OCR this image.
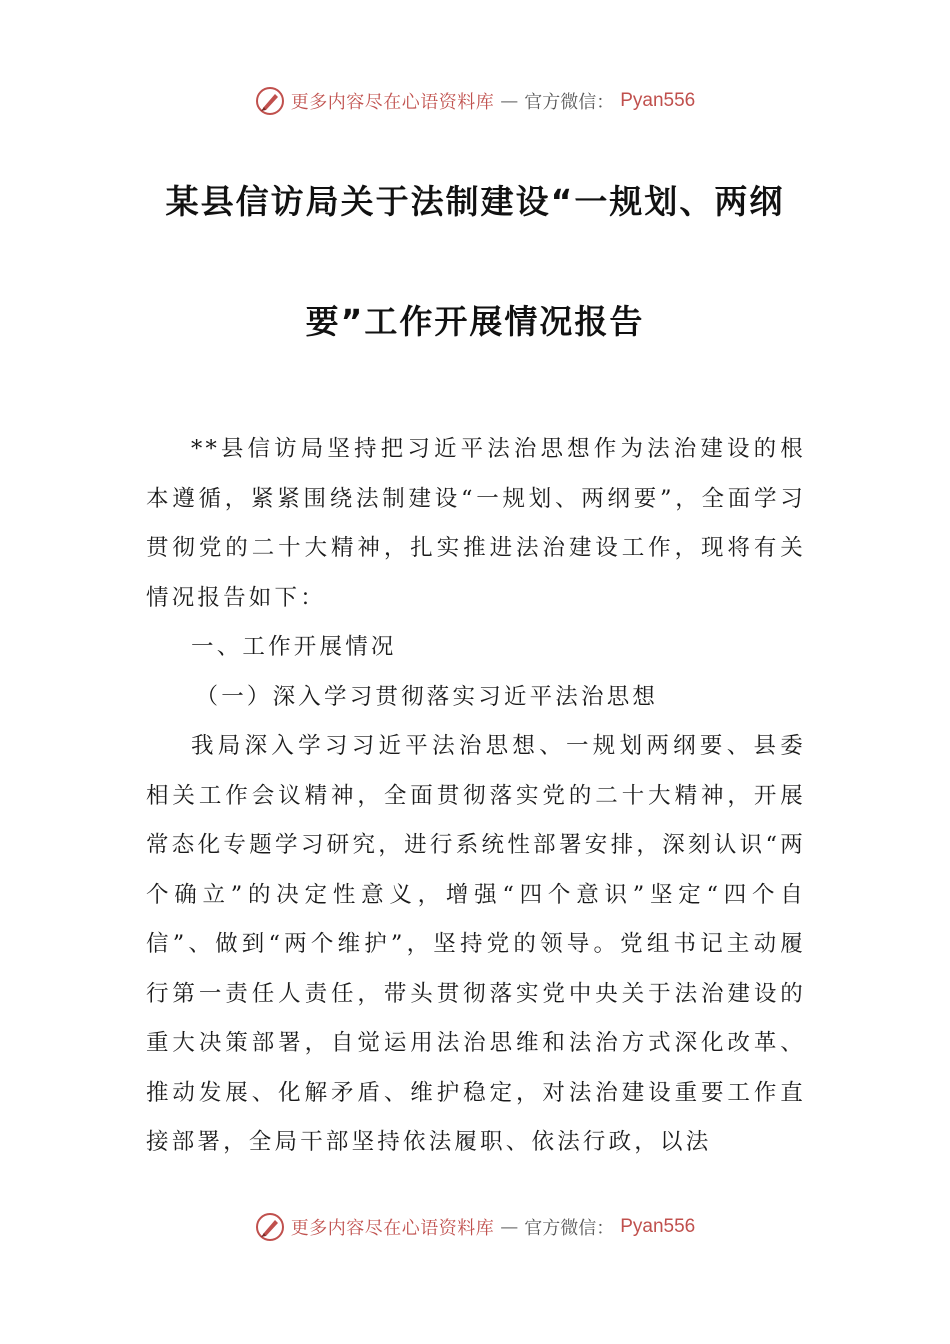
更多内容尽在心语资料库 — 官方微信： Pyan556
某县信访局关于法制建设“一规划、两纲
要”工作开展情况报告

**县信访局坚持把习近平法治思想作为法治建设的根本遵循，紧紧围绕法制建设“一规划、两纲要”，全面学习贯彻党的二十大精神，扎实推进法治建设工作，现将有关情况报告如下：

一、工作开展情况

（一）深入学习贯彻落实习近平法治思想

我局深入学习习近平法治思想、一规划两纲要、县委相关工作会议精神，全面贯彻落实党的二十大精神，开展常态化专题学习研究，进行系统性部署安排，深刻认识“两个确立”的决定性意义，增强“四个意识”坚定“四个自信”、做到“两个维护”，坚持党的领导。党组书记主动履行第一责任人责任，带头贯彻落实党中央关于法治建设的重大决策部署，自觉运用法治思维和法治方式深化改革、推动发展、化解矛盾、维护稳定，对法治建设重要工作直接部署，全局干部坚持依法履职、依法行政，以法

更多内容尽在心语资料库 — 官方微信： Pyan556
